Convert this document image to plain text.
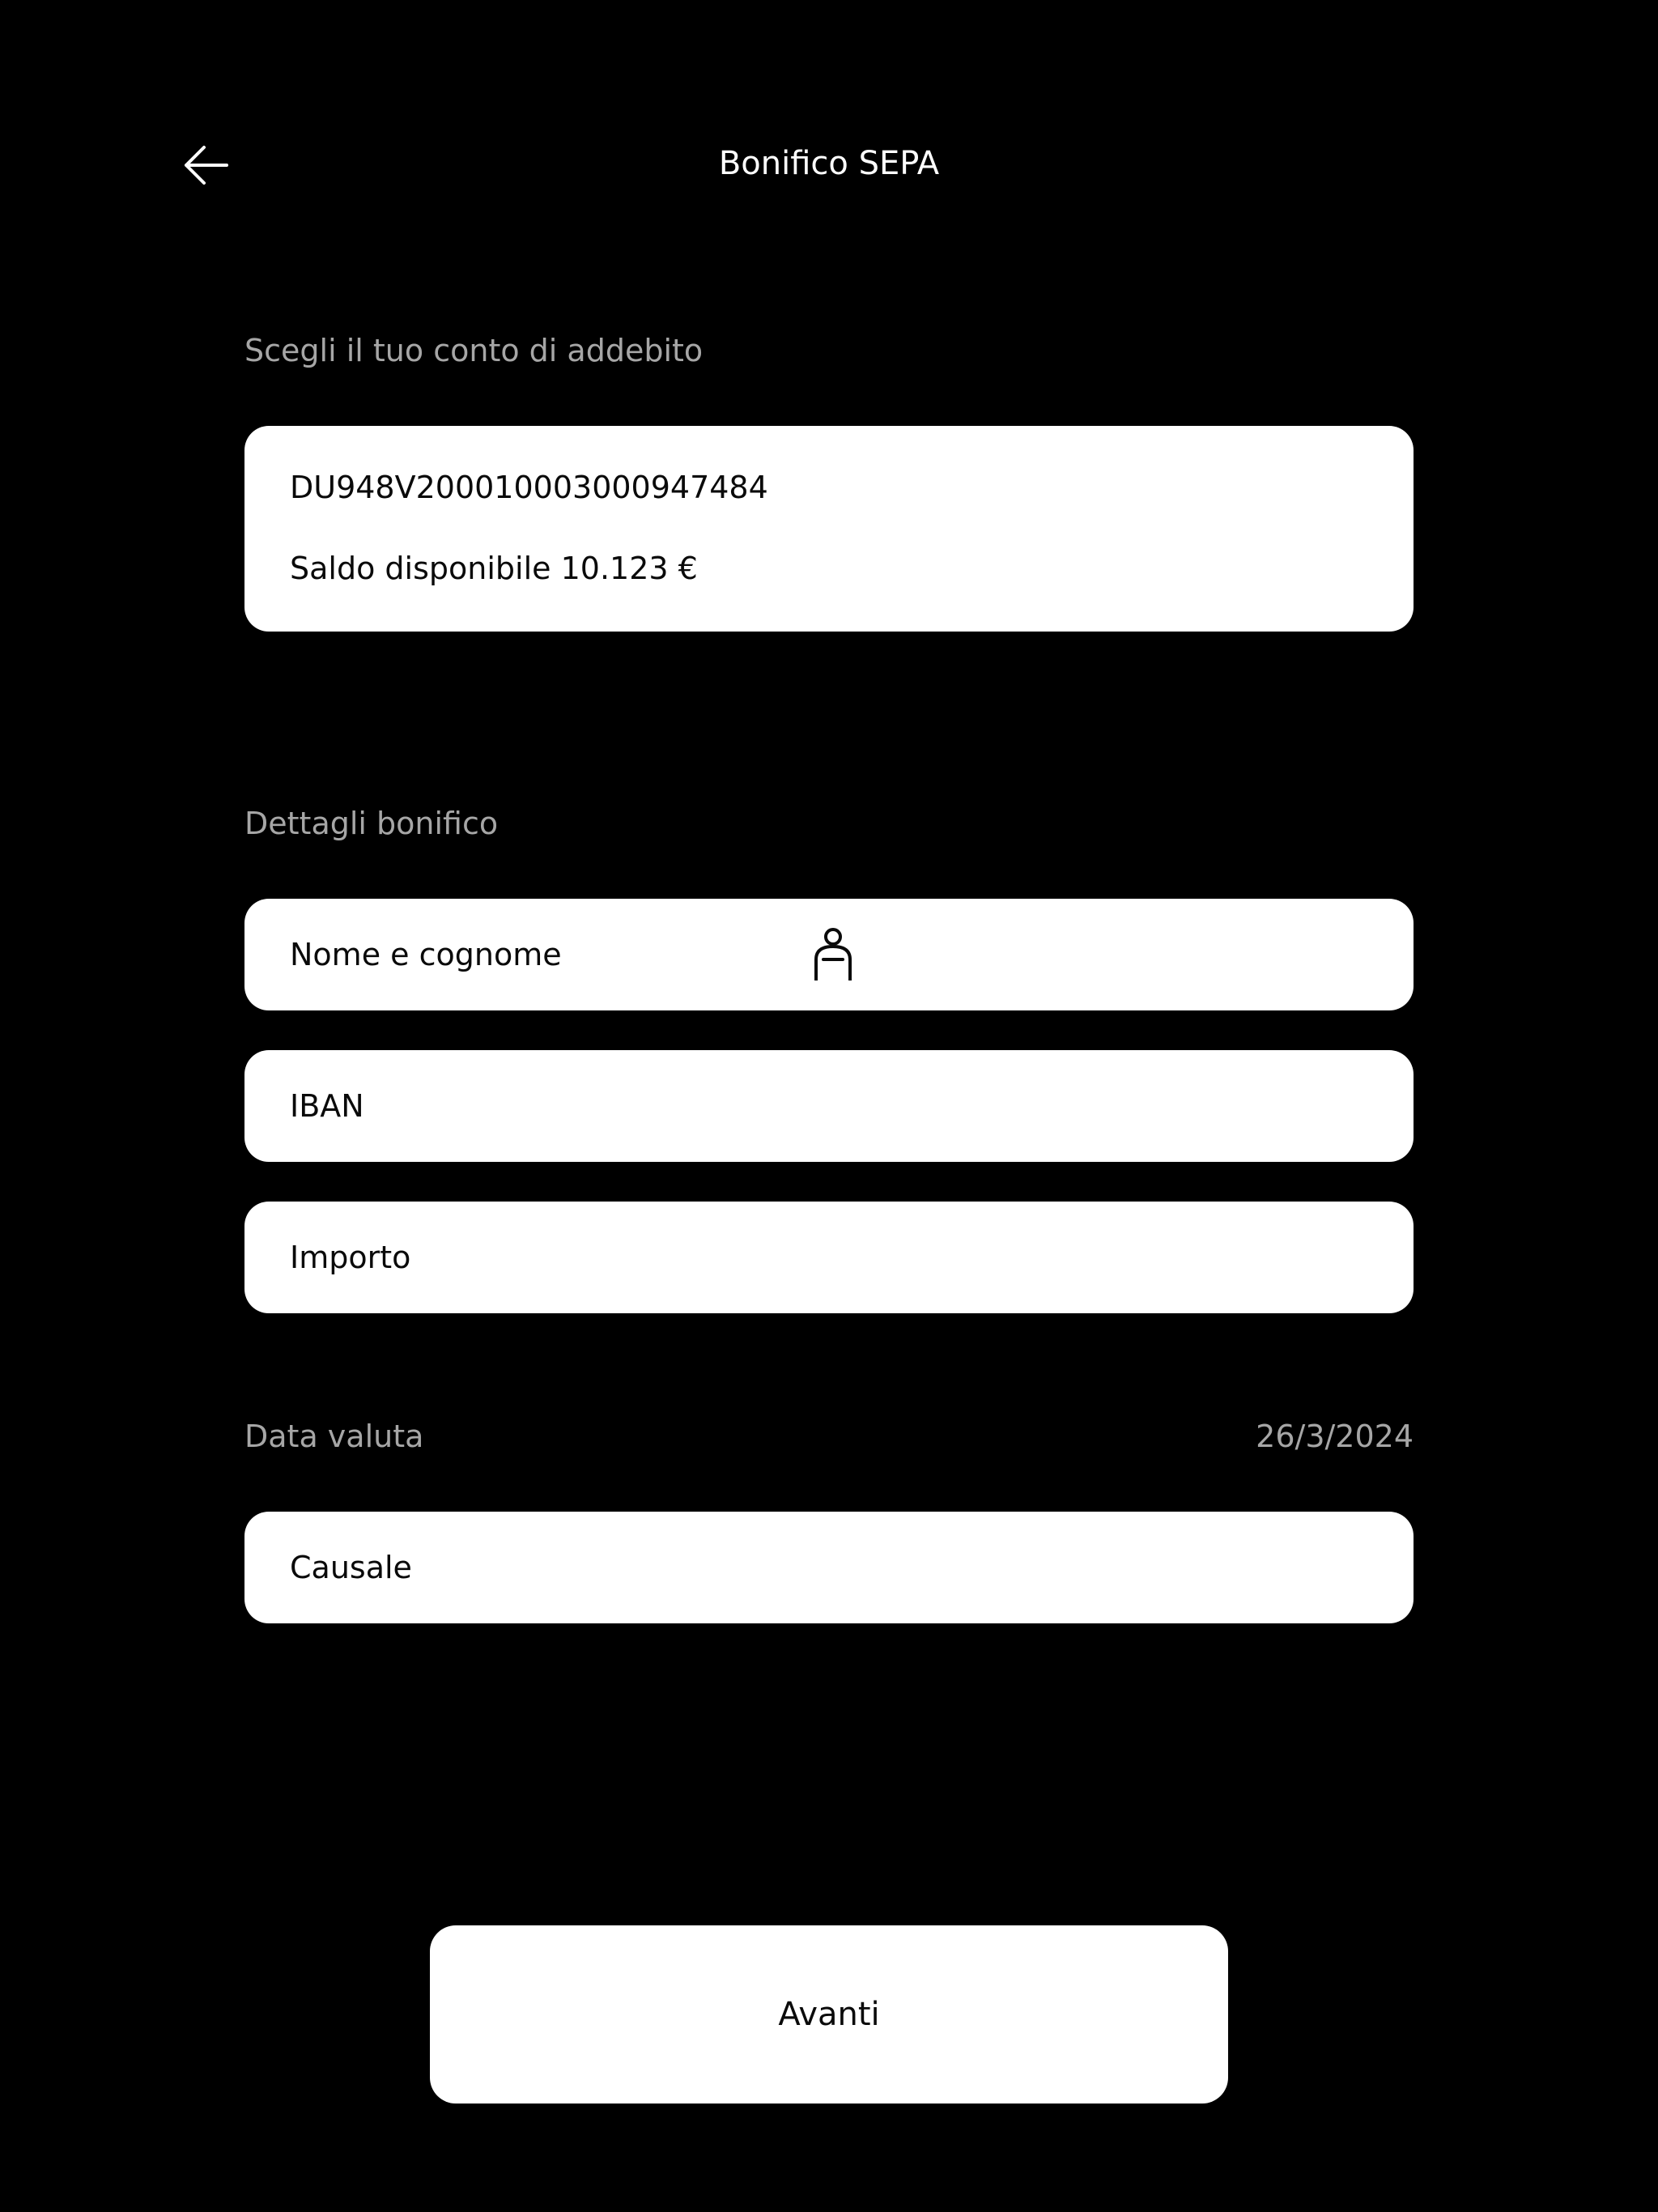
Bonifico SEPA
Scegli il tuo conto di addebito
DU948V2000100030009474​84
Saldo disponibile 10.123 €
Dettagli bonifico
Nome e cognome
IBAN
Importo
Data valuta	26/3/2024
Causale
Avanti
